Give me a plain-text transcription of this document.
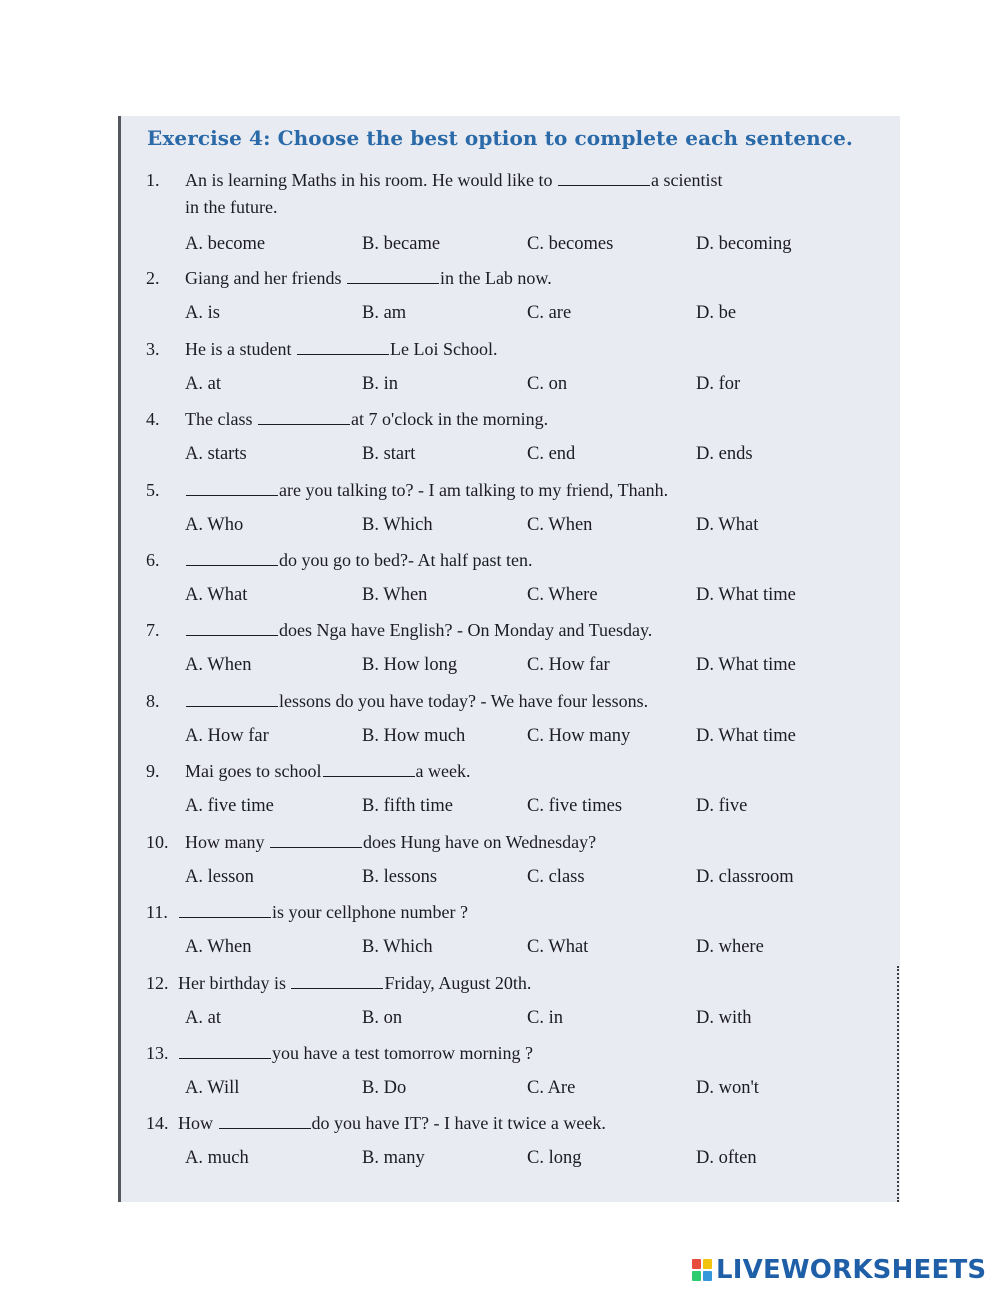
Exercise 4: Choose the best option to complete each sentence.
1. An is learning Maths in his room. He would like to	a scientist
in the future.
A. become	B. became	C. becomes	D. becoming
2. Giang and her friends	in the Lab now.
A. is	B. am	C. are	D. be
3. He is a student	Le Loi School.
A. at	B. in	C. on	D. for
4. The class	at 7 o'clock in the morning.
A. starts	B. start	C. end	D. ends
5.	are you talking to? - I am talking to my friend, Thanh.
A. Who	B. Which	C. When	D. What
6.	do you go to bed?- At half past ten.
A. What	B. When	C. Where	D. What time
7.	does Nga have English? - On Monday and Tuesday.
A. When	B. How long	C. How far	D. What time
8.	lessons do you have today? - We have four lessons.
A. How far	B. How much	C. How many	D. What time
9. Mai goes to school	a week.
A. five time	B. fifth time	C. five times	D. five
10. How many	does Hung have on Wednesday?
A. lesson	B. lessons	C. class	D. classroom
11.	is your cellphone number ?
A. When	B. Which	C. What	D. where
12. Her birthday is	Friday, August 20th.
A. at	B. on	C. in	D. with
13.	you have a test tomorrow morning ?
A. Will	B. Do	C. Are	D. won't
14. How	do you have IT? - I have it twice a week.
A. much	B. many	C. long	D. often
LIVEWORKSHEETS
